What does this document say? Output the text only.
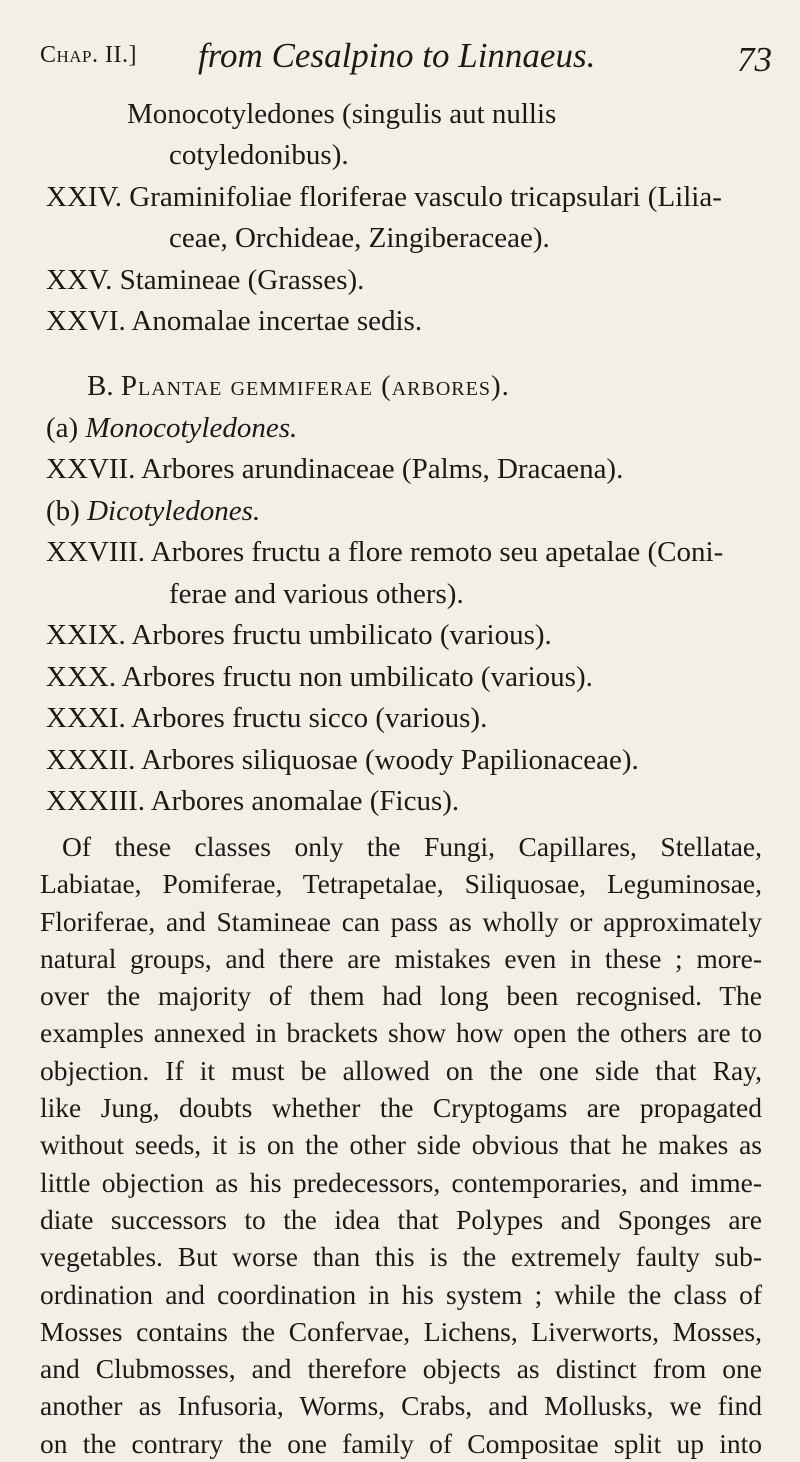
Chap. II.] from Cesalpino to Linnaeus.	73
Monocotyledones (singulis aut nullis
cotyledonibus).
XXIV. Graminifoliae floriferae vasculo tricapsulari (Lilia-
ceae, Orchideae, Zingiberaceae).
XXV. Stamineae (Grasses).
XXVI. Anomalae incertae sedis.
B. Plantae gemmiferae (arbores).
(a) Monocotyledones.
XXVII. Arbores arundinaceae (Palms, Dracaena).
(b) Dicotyledones.
XXVIII. Arbores fructu a flore remoto seu apetalae (Coni-
ferae and various others).
XXIX. Arbores fructu umbilicato (various).
XXX. Arbores fructu non umbilicato (various).
XXXI. Arbores fructu sicco (various).
XXXII. Arbores siliquosae (woody Papilionaceae).
XXXIII. Arbores anomalae (Ficus).
Of these classes only the Fungi, Capillares, Stellatae,
Labiatae, Pomiferae, Tetrapetalae, Siliquosae, Leguminosae,
Floriferae, and Stamineae can pass as wholly or approximately
natural groups, and there are mistakes even in these ; more-
over the majority of them had long been recognised. The
examples annexed in brackets show how open the others are to
objection. If it must be allowed on the one side that Ray,
like Jung, doubts whether the Cryptogams are propagated
without seeds, it is on the other side obvious that he makes as
little objection as his predecessors, contemporaries, and imme-
diate successors to the idea that Polypes and Sponges are
vegetables. But worse than this is the extremely faulty sub-
ordination and coordination in his system ; while the class of
Mosses contains the Confervae, Lichens, Liverworts, Mosses,
and Clubmosses, and therefore objects as distinct from one
another as Infusoria, Worms, Crabs, and Mollusks, we find
on the contrary the one family of Compositae split up into
